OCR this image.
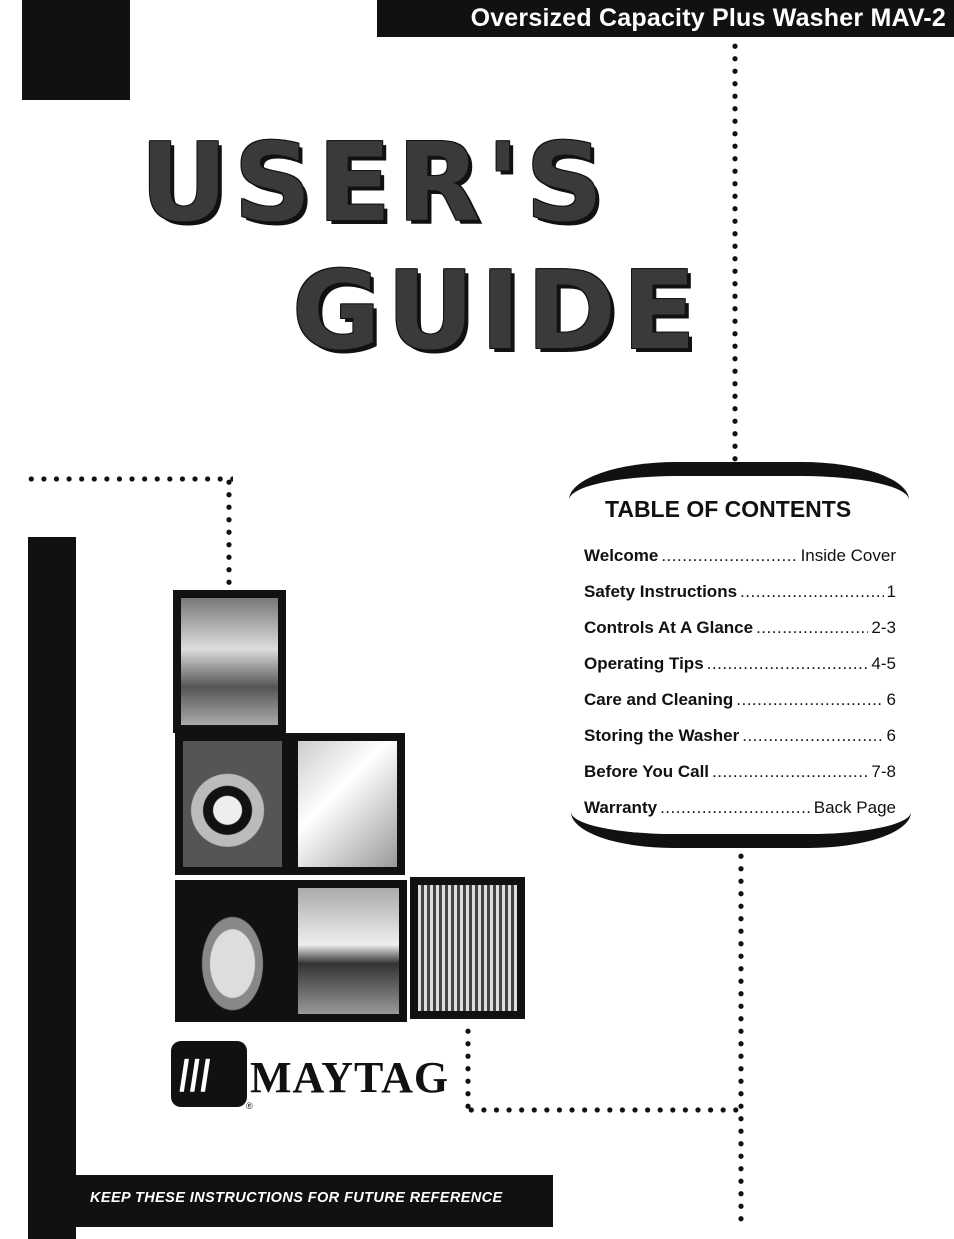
Oversized Capacity Plus Washer MAV-2
USER'S
GUIDE
TABLE OF CONTENTS
Welcome .....	Inside Cover
Safety Instructions .....	1
Controls At A Glance .....	2-3
Operating Tips .....	4-5
Care and Cleaning .....	6
Storing the Washer .....	6
Before You Call .....	7-8
Warranty .....	Back Page
\\\ MAYTAG
®
KEEP THESE INSTRUCTIONS FOR FUTURE REFERENCE
